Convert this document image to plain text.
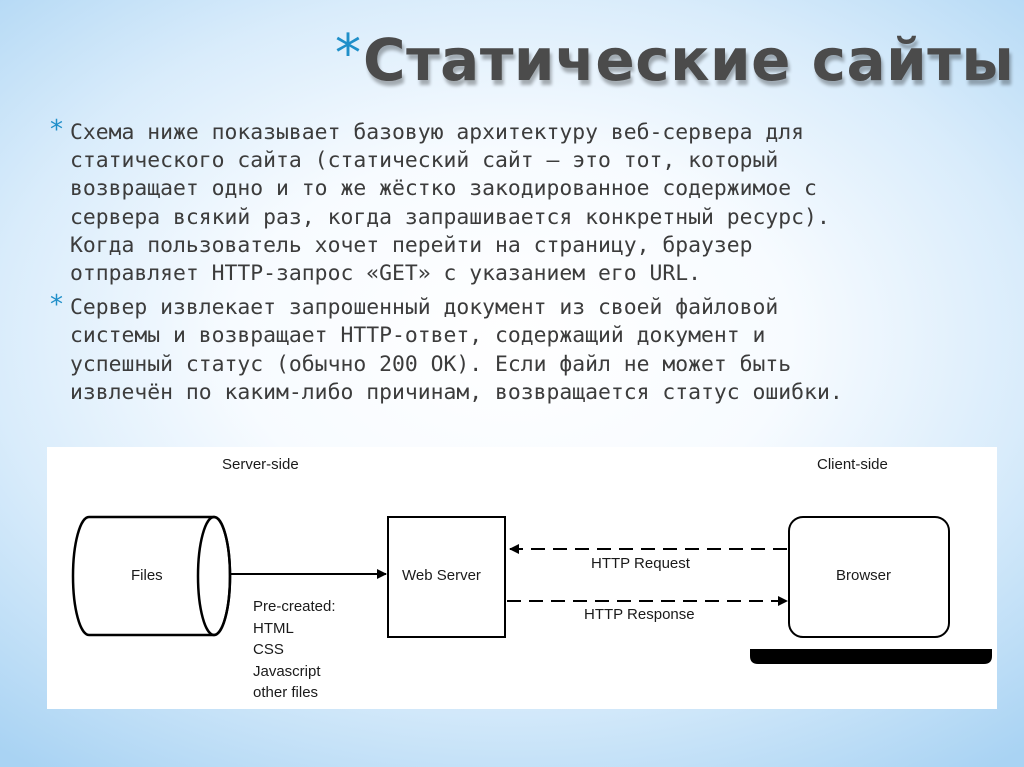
* Статические сайты
* Схема ниже показывает базовую архитектуру веб-сервера для
статического сайта (статический сайт — это тот, который
возвращает одно и то же жёстко закодированное содержимое с
сервера всякий раз, когда запрашивается конкретный ресурс).
Когда пользователь хочет перейти на страницу, браузер
отправляет HTTP-запрос «GET» с указанием его URL.

* Сервер извлекает запрошенный документ из своей файловой
системы и возвращает HTTP-ответ, содержащий документ и
успешный статус (обычно 200 OK). Если файл не может быть
извлечён по каким-либо причинам, возвращается статус ошибки.

Server-side	Client-side
Files	Web Server
Pre-created:
HTML
CSS
Javascript
other files
HTTP Request
HTTP Response
Browser
